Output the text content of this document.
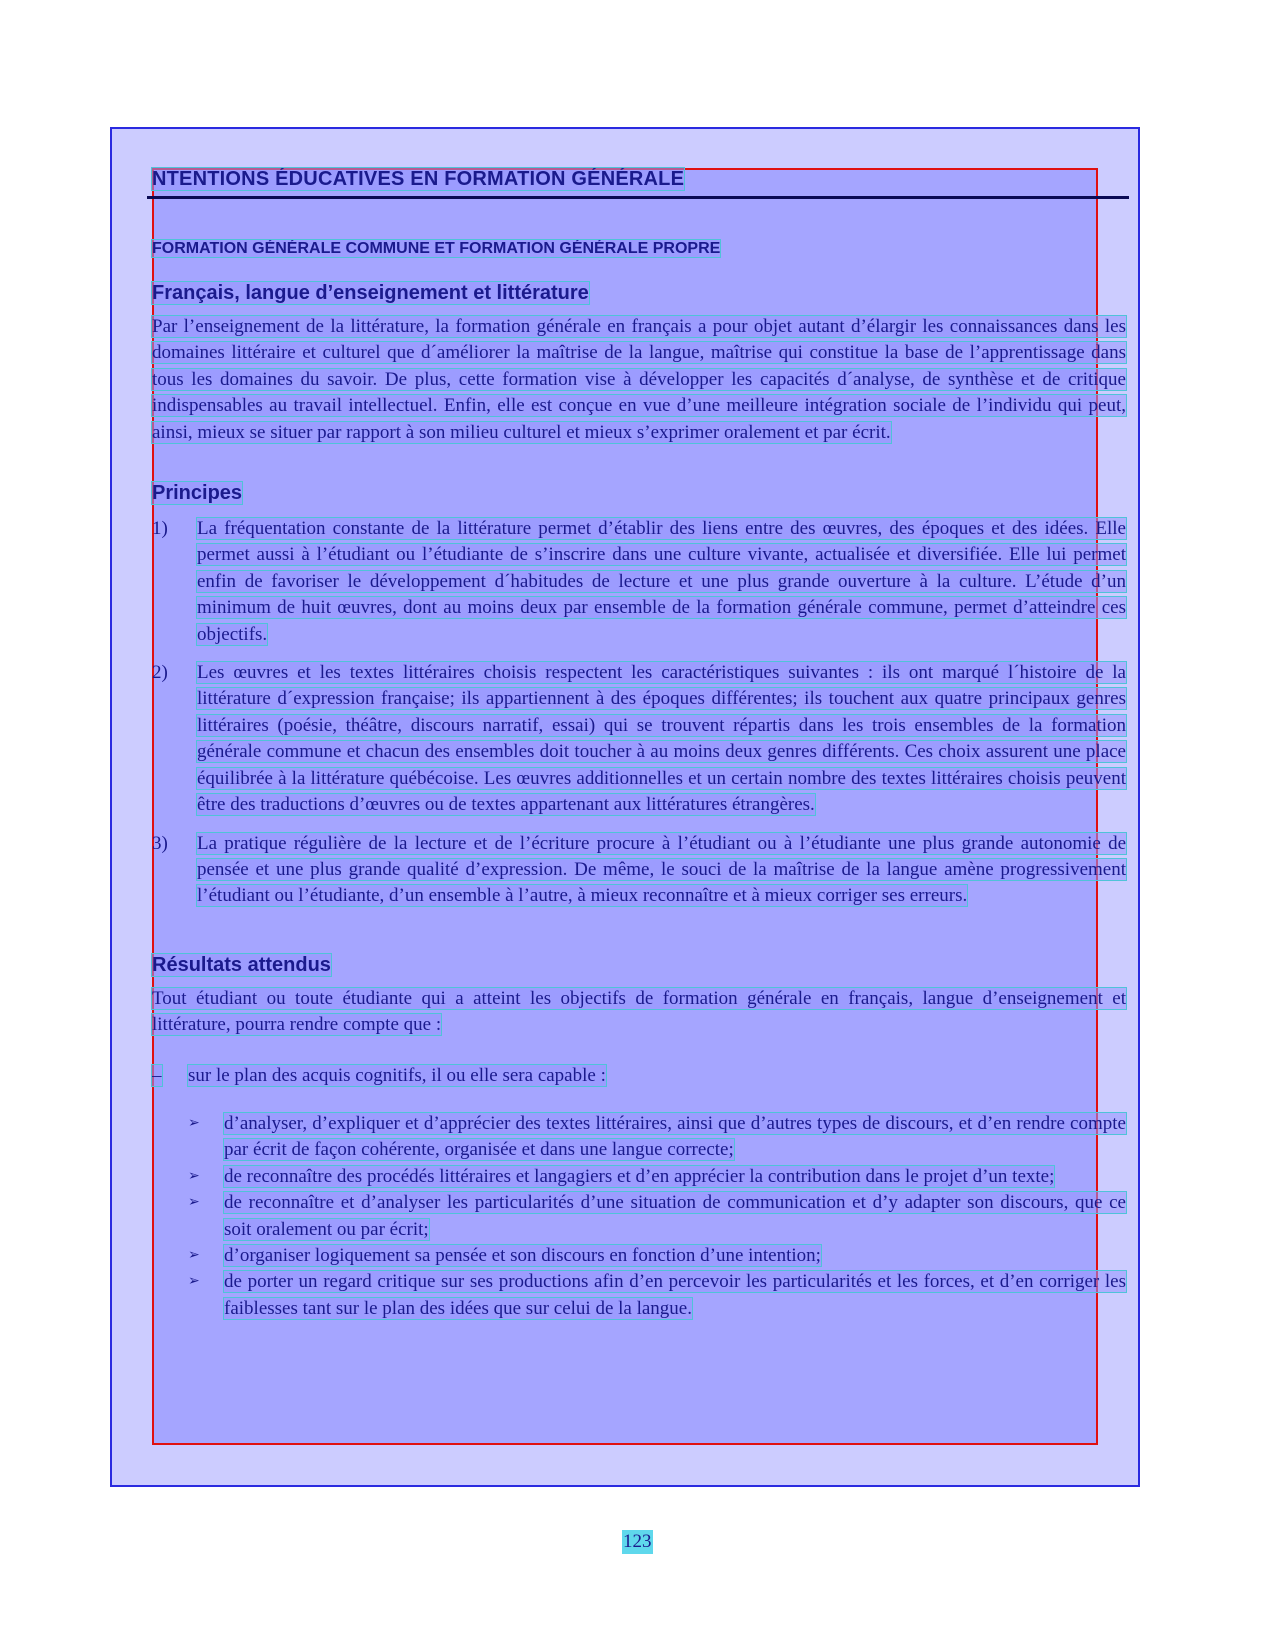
NTENTIONS ÉDUCATIVES EN FORMATION GÉNÉRALE
FORMATION GÉNÉRALE COMMUNE ET FORMATION GÉNÉRALE PROPRE
Français, langue d’enseignement et littérature
Par l’enseignement de la littérature, la formation générale en français a pour objet autant d’élargir les connaissances dans les domaines littéraire et culturel que d´améliorer la maîtrise de la langue, maîtrise qui constitue la base de l’apprentissage dans tous les domaines du savoir. De plus, cette formation vise à développer les capacités d´analyse, de synthèse et de critique indispensables au travail intellectuel. Enfin, elle est conçue en vue d’une meilleure intégration sociale de l’individu qui peut, ainsi, mieux se situer par rapport à son milieu culturel et mieux s’exprimer oralement et par écrit.
Principes
1)	La fréquentation constante de la littérature permet d’établir des liens entre des œuvres, des époques et des idées. Elle permet aussi à l’étudiant ou l’étudiante de s’inscrire dans une culture vivante, actualisée et diversifiée. Elle lui permet enfin de favoriser le développement d´habitudes de lecture et une plus grande ouverture à la culture. L’étude d’un minimum de huit œuvres, dont au moins deux par ensemble de la formation générale commune, permet d’atteindre ces objectifs.
2)	Les œuvres et les textes littéraires choisis respectent les caractéristiques suivantes : ils ont marqué l´histoire de la littérature d´expression française; ils appartiennent à des époques différentes; ils touchent aux quatre principaux genres littéraires (poésie, théâtre, discours narratif, essai) qui se trouvent répartis dans les trois ensembles de la formation générale commune et chacun des ensembles doit toucher à au moins deux genres différents. Ces choix assurent une place équilibrée à la littérature québécoise. Les œuvres additionnelles et un certain nombre des textes littéraires choisis peuvent être des traductions d’œuvres ou de textes appartenant aux littératures étrangères.
3)	La pratique régulière de la lecture et de l’écriture procure à l’étudiant ou à l’étudiante une plus grande autonomie de pensée et une plus grande qualité d’expression. De même, le souci de la maîtrise de la langue amène progressivement l’étudiant ou l’étudiante, d’un ensemble à l’autre, à mieux reconnaître et à mieux corriger ses erreurs.
Résultats attendus
Tout étudiant ou toute étudiante qui a atteint les objectifs de formation générale en français, langue d’enseignement et littérature, pourra rendre compte que :
–	sur le plan des acquis cognitifs, il ou elle sera capable :
➢	d’analyser, d’expliquer et d’apprécier des textes littéraires, ainsi que d’autres types de discours, et d’en rendre compte par écrit de façon cohérente, organisée et dans une langue correcte;
➢	de reconnaître des procédés littéraires et langagiers et d’en apprécier la contribution dans le projet d’un texte;
➢	de reconnaître et d’analyser les particularités d’une situation de communication et d’y adapter son discours, que ce soit oralement ou par écrit;
➢	d’organiser logiquement sa pensée et son discours en fonction d’une intention;
➢	de porter un regard critique sur ses productions afin d’en percevoir les particularités et les forces, et d’en corriger les faiblesses tant sur le plan des idées que sur celui de la langue.
123
